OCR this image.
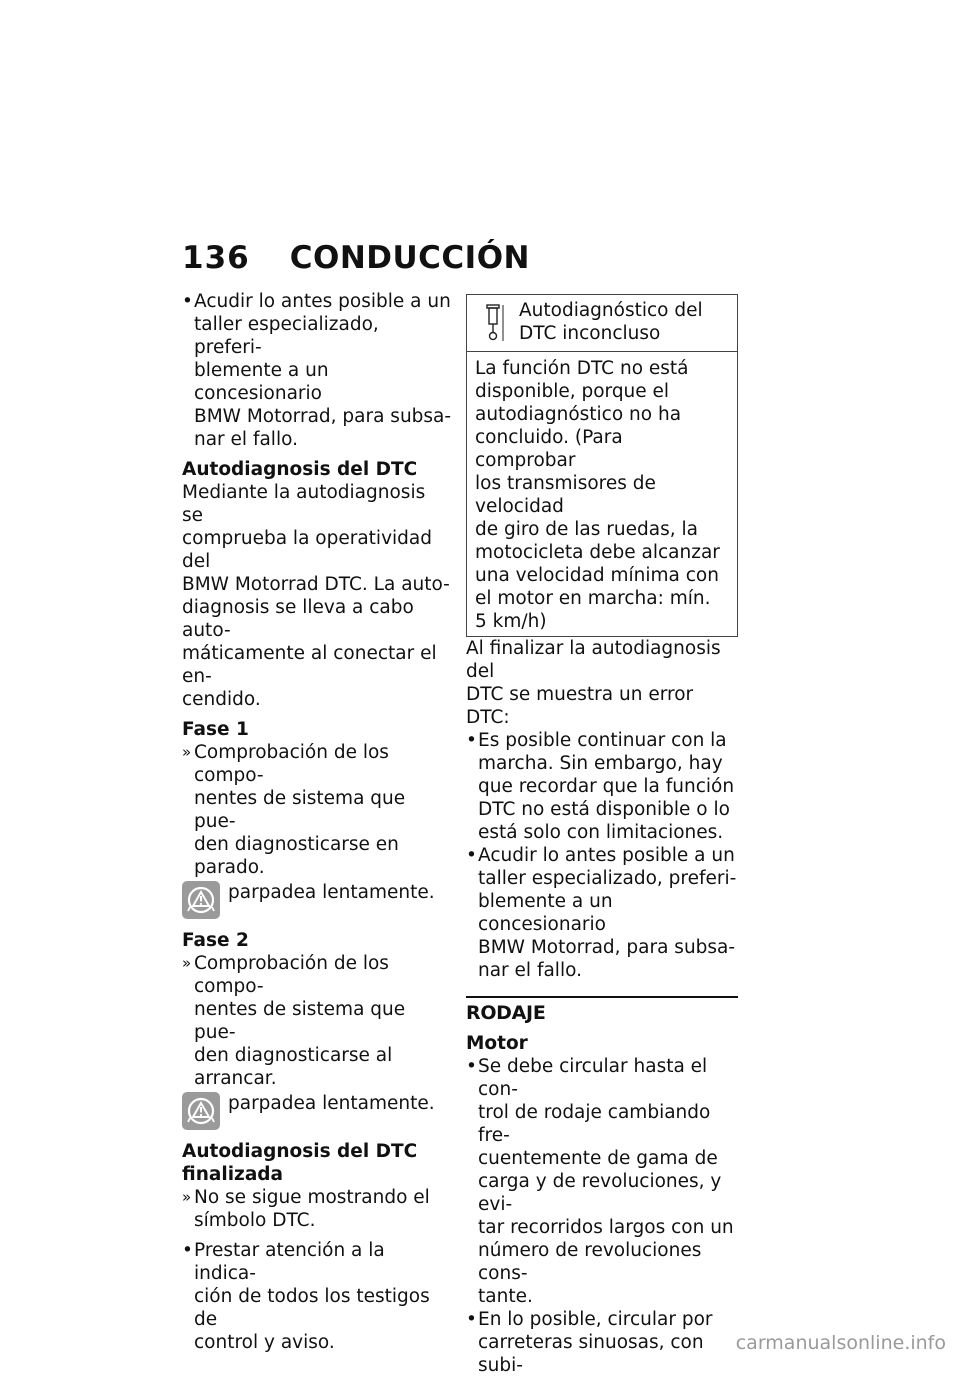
136 CONDUCCIÓN
• Acudir lo antes posible a un
taller especializado, preferi-
blemente a un concesionario
BMW Motorrad, para subsa-
nar el fallo.
Autodiagnosis del DTC
Mediante la autodiagnosis se
comprueba la operatividad del
BMW Motorrad DTC. La auto-
diagnosis se lleva a cabo auto-
máticamente al conectar el en-
cendido.
Fase 1
» Comprobación de los compo-
nentes de sistema que pue-
den diagnosticarse en parado.
parpadea lentamente.
Fase 2
» Comprobación de los compo-
nentes de sistema que pue-
den diagnosticarse al arrancar.
parpadea lentamente.
Autodiagnosis del DTC
finalizada
» No se sigue mostrando el
símbolo DTC.
• Prestar atención a la indica-
ción de todos los testigos de
control y aviso.
Autodiagnóstico del
DTC inconcluso
La función DTC no está
disponible, porque el
autodiagnóstico no ha
concluido. (Para comprobar
los transmisores de velocidad
de giro de las ruedas, la
motocicleta debe alcanzar
una velocidad mínima con
el motor en marcha: mín.
5 km/h)
Al finalizar la autodiagnosis del
DTC se muestra un error DTC:
• Es posible continuar con la
marcha. Sin embargo, hay
que recordar que la función
DTC no está disponible o lo
está solo con limitaciones.
• Acudir lo antes posible a un
taller especializado, preferi-
blemente a un concesionario
BMW Motorrad, para subsa-
nar el fallo.
RODAJE
Motor
• Se debe circular hasta el con-
trol de rodaje cambiando fre-
cuentemente de gama de
carga y de revoluciones, y evi-
tar recorridos largos con un
número de revoluciones cons-
tante.
• En lo posible, circular por
carreteras sinuosas, con subi-
carmanualsonline.info
